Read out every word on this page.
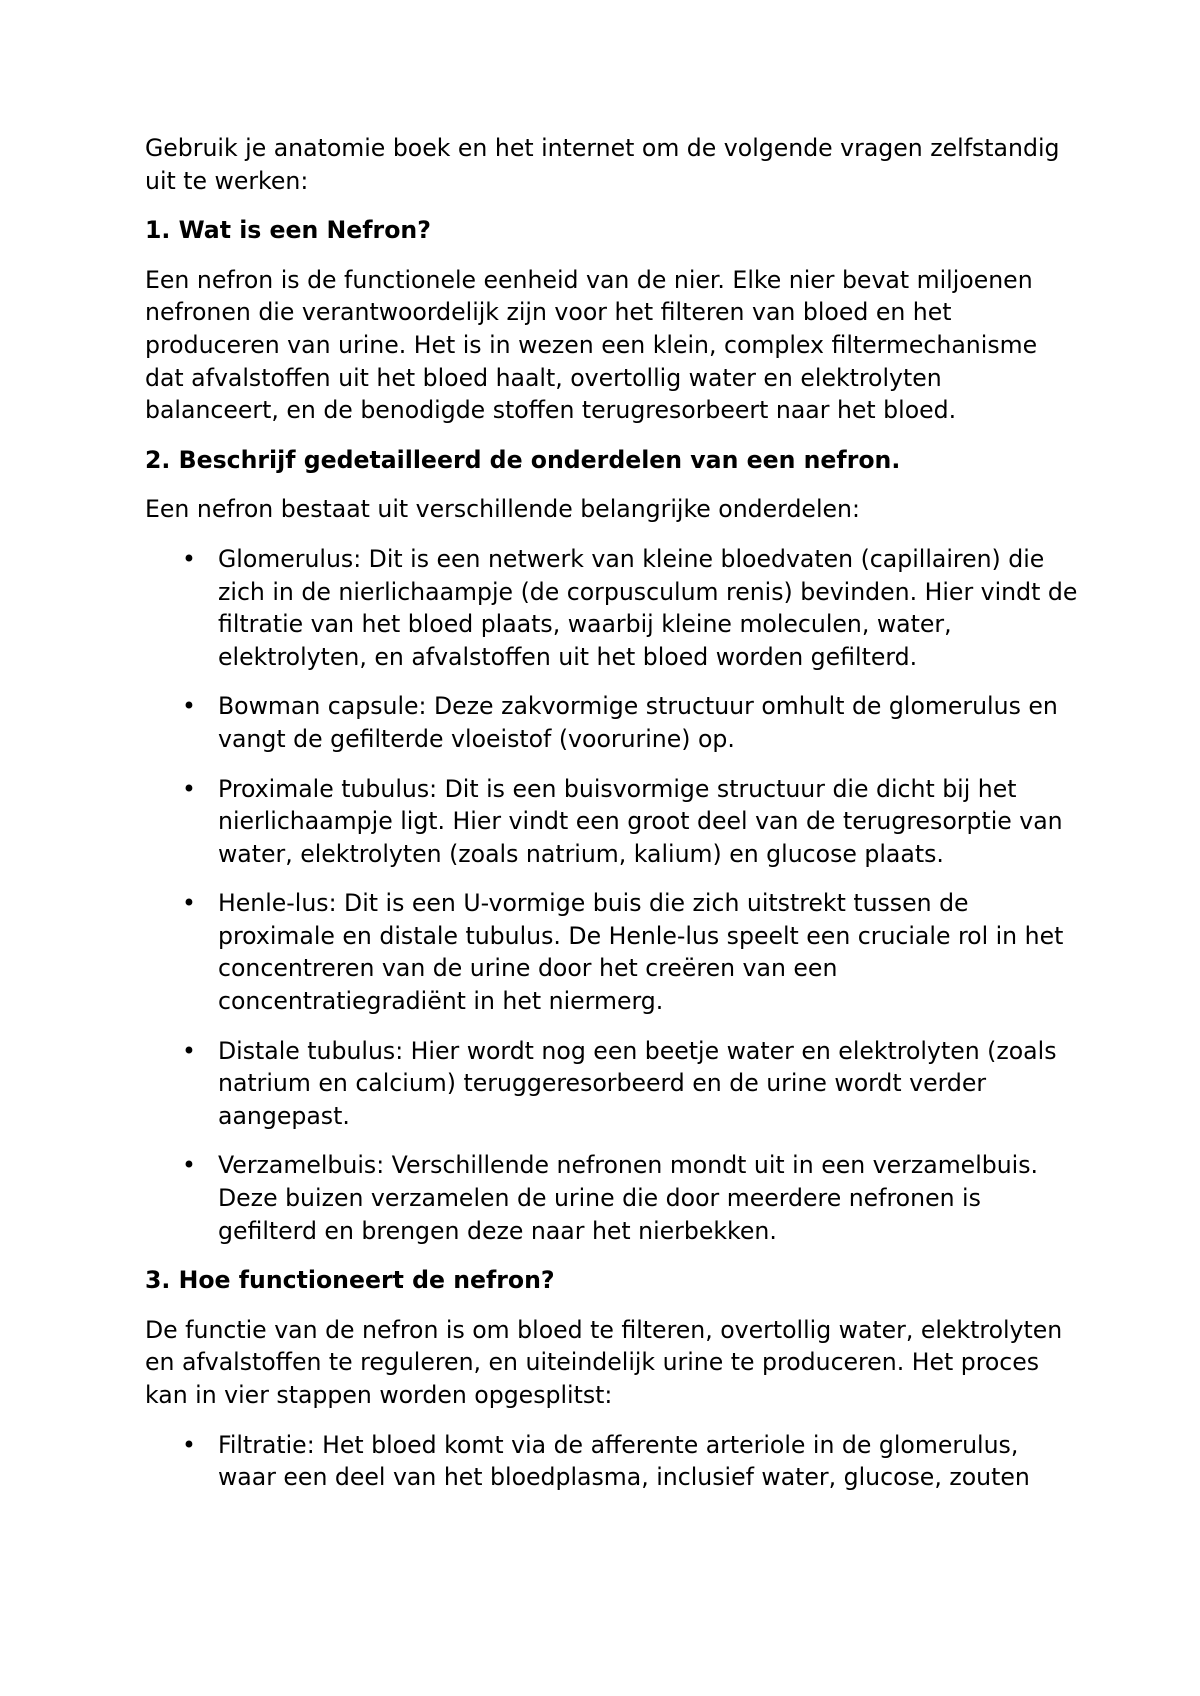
Gebruik je anatomie boek en het internet om de volgende vragen zelfstandig uit te werken:

1. Wat is een Nefron?

Een nefron is de functionele eenheid van de nier. Elke nier bevat miljoenen nefronen die verantwoordelijk zijn voor het filteren van bloed en het produceren van urine. Het is in wezen een klein, complex filtermechanisme dat afvalstoffen uit het bloed haalt, overtollig water en elektrolyten balanceert, en de benodigde stoffen terugresorbeert naar het bloed.

2. Beschrijf gedetailleerd de onderdelen van een nefron.

Een nefron bestaat uit verschillende belangrijke onderdelen:

• Glomerulus: Dit is een netwerk van kleine bloedvaten (capillairen) die zich in de nierlichaampje (de corpusculum renis) bevinden. Hier vindt de filtratie van het bloed plaats, waarbij kleine moleculen, water, elektrolyten, en afvalstoffen uit het bloed worden gefilterd.
• Bowman capsule: Deze zakvormige structuur omhult de glomerulus en vangt de gefilterde vloeistof (voorurine) op.
• Proximale tubulus: Dit is een buisvormige structuur die dicht bij het nierlichaampje ligt. Hier vindt een groot deel van de terugresorptie van water, elektrolyten (zoals natrium, kalium) en glucose plaats.
• Henle-lus: Dit is een U-vormige buis die zich uitstrekt tussen de proximale en distale tubulus. De Henle-lus speelt een cruciale rol in het concentreren van de urine door het creëren van een concentratiegradiënt in het niermerg.
• Distale tubulus: Hier wordt nog een beetje water en elektrolyten (zoals natrium en calcium) teruggeresorbeerd en de urine wordt verder aangepast.
• Verzamelbuis: Verschillende nefronen mondt uit in een verzamelbuis. Deze buizen verzamelen de urine die door meerdere nefronen is gefilterd en brengen deze naar het nierbekken.

3. Hoe functioneert de nefron?

De functie van de nefron is om bloed te filteren, overtollig water, elektrolyten en afvalstoffen te reguleren, en uiteindelijk urine te produceren. Het proces kan in vier stappen worden opgesplitst:

• Filtratie: Het bloed komt via de afferente arteriole in de glomerulus, waar een deel van het bloedplasma, inclusief water, glucose, zouten
